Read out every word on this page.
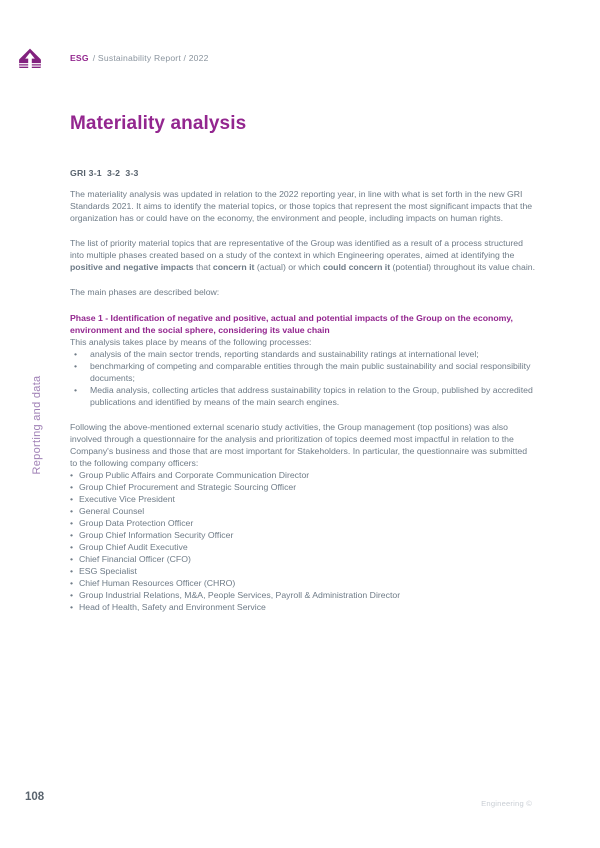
ESG / Sustainability Report / 2022
Reporting and data
Materiality analysis

GRI 3-1  3-2  3-3

The materiality analysis was updated in relation to the 2022 reporting year, in line with what is set forth in the new GRI Standards 2021. It aims to identify the material topics, or those topics that represent the most significant impacts that the organization has or could have on the economy, the environment and people, including impacts on human rights.

The list of priority material topics that are representative of the Group was identified as a result of a process structured into multiple phases created based on a study of the context in which Engineering operates, aimed at identifying the positive and negative impacts that concern it (actual) or which could concern it (potential) throughout its value chain.

The main phases are described below:

Phase 1 - Identification of negative and positive, actual and potential impacts of the Group on the economy, environment and the social sphere, considering its value chain

This analysis takes place by means of the following processes:

• analysis of the main sector trends, reporting standards and sustainability ratings at international level;
• benchmarking of competing and comparable entities through the main public sustainability and social responsibility documents;
• Media analysis, collecting articles that address sustainability topics in relation to the Group, published by accredited publications and identified by means of the main search engines.

Following the above-mentioned external scenario study activities, the Group management (top positions) was also involved through a questionnaire for the analysis and prioritization of topics deemed most impactful in relation to the Company's business and those that are most important for Stakeholders. In particular, the questionnaire was submitted to the following company officers:

• Group Public Affairs and Corporate Communication Director
• Group Chief Procurement and Strategic Sourcing Officer
• Executive Vice President
• General Counsel
• Group Data Protection Officer
• Group Chief Information Security Officer
• Group Chief Audit Executive
• Chief Financial Officer (CFO)
• ESG Specialist
• Chief Human Resources Officer (CHRO)
• Group Industrial Relations, M&A, People Services, Payroll & Administration Director
• Head of Health, Safety and Environment Service
108
Engineering ©
